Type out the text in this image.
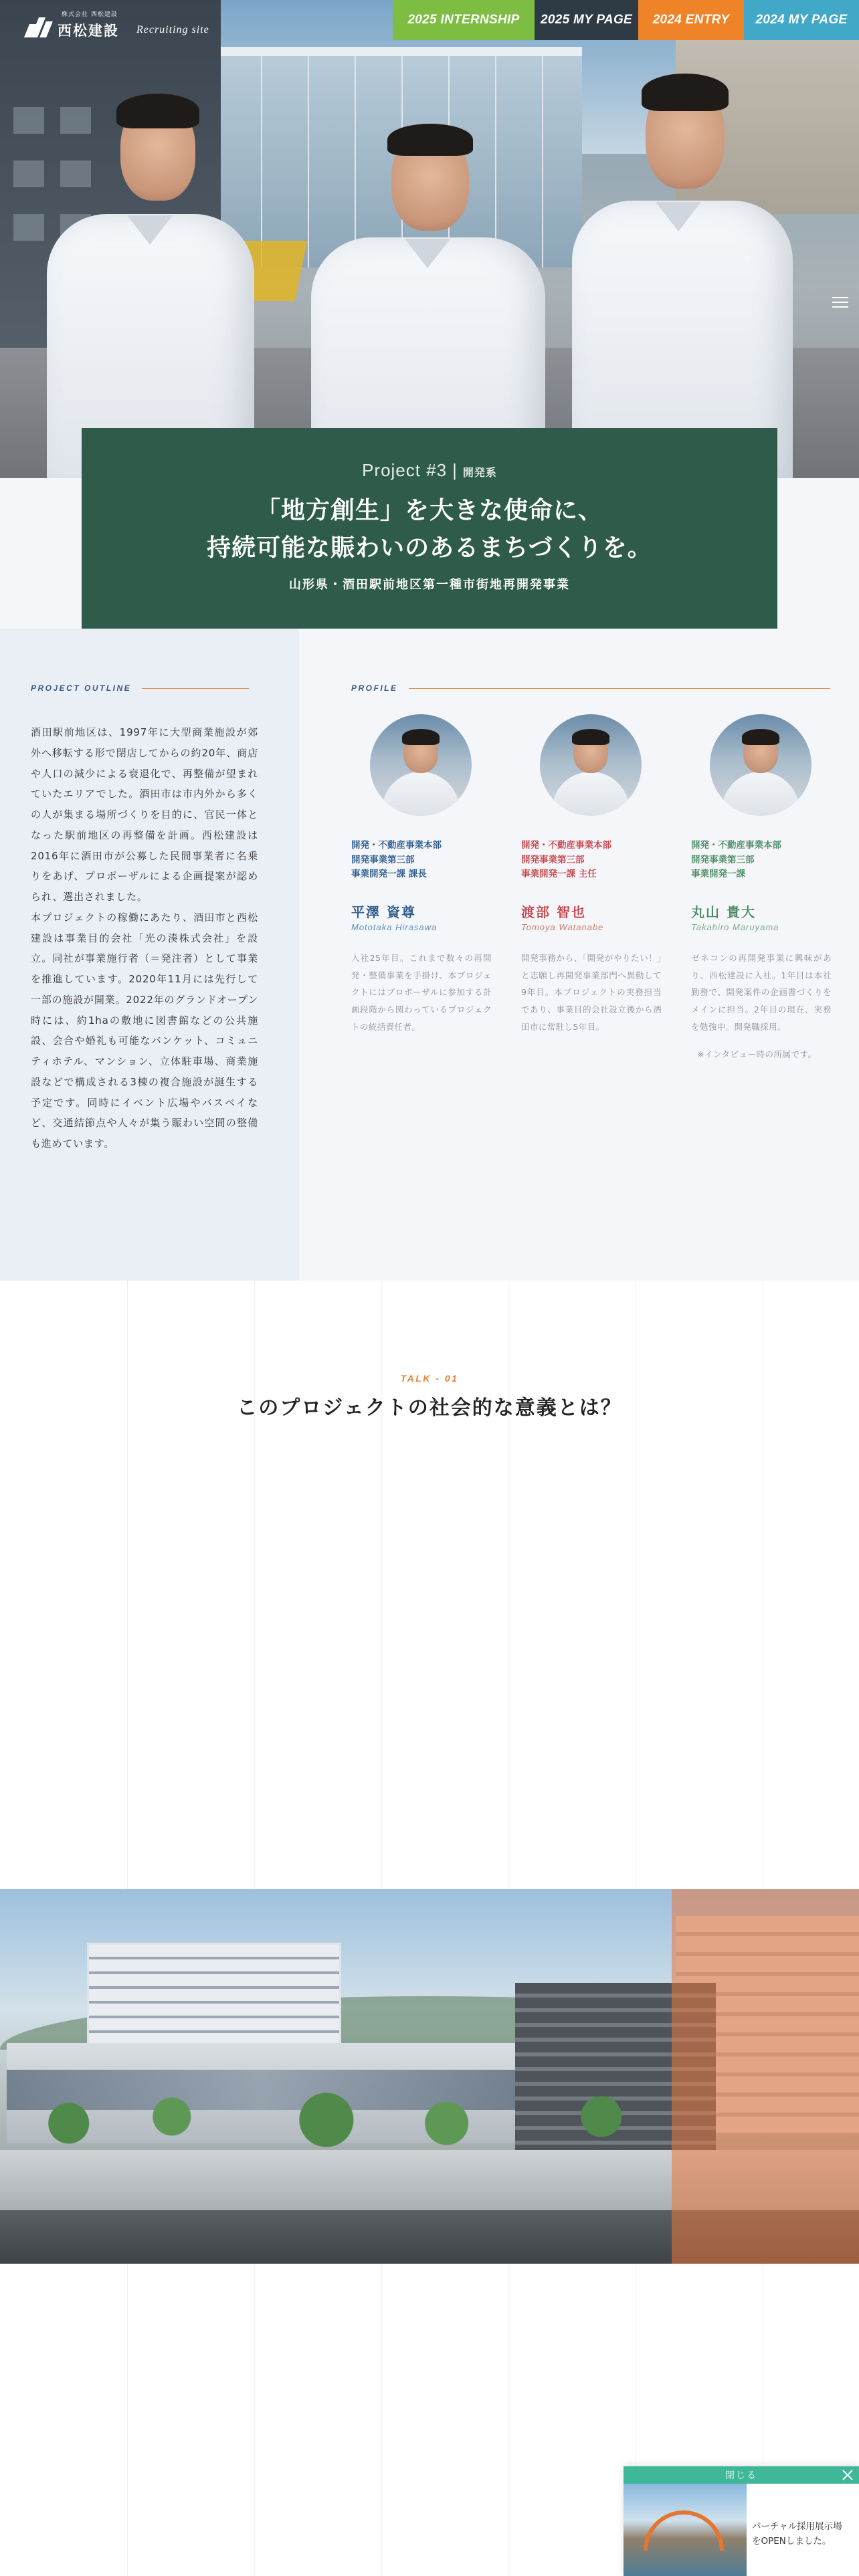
株式会社 西松建設
西松建設 Recruiting site
2025 INTERNSHIP	2025 MY PAGE	2024 ENTRY	2024 MY PAGE
Project #3 | 開発系
「地方創生」を大きな使命に、
持続可能な賑わいのあるまちづくりを。
山形県・酒田駅前地区第一種市街地再開発事業
PROJECT OUTLINE
酒田駅前地区は、1997年に大型商業施設が郊外へ移転する形で閉店してからの約20年、商店や人口の減少による衰退化で、再整備が望まれていたエリアでした。酒田市は市内外から多くの人が集まる場所づくりを目的に、官民一体となった駅前地区の再整備を計画。西松建設は2016年に酒田市が公募した民間事業者に名乗りをあげ、プロポーザルによる企画提案が認められ、選出されました。
本プロジェクトの稼働にあたり、酒田市と西松建設は事業目的会社「光の湊株式会社」を設立。同社が事業施行者（＝発注者）として事業を推進しています。2020年11月には先行して一部の施設が開業。2022年のグランドオープン時には、約1haの敷地に図書館などの公共施設、会合や婚礼も可能なバンケット、コミュニティホテル、マンション、立体駐車場、商業施設などで構成される3棟の複合施設が誕生する予定です。同時にイベント広場やバスベイなど、交通結節点や人々が集う賑わい空間の整備も進めています。
PROFILE
開発・不動産事業本部
開発事業第三部
事業開発一課 課長
平澤 資尊
Mototaka Hirasawa
入社25年目。これまで数々の再開発・整備事業を手掛け、本プロジェクトにはプロポーザルに参加する計画段階から関わっているプロジェクトの統括責任者。
開発・不動産事業本部
開発事業第三部
事業開発一課 主任
渡部 智也
Tomoya Watanabe
開発事務から、「開発がやりたい！」と志願し再開発事業部門へ異動して9年目。本プロジェクトの実務担当であり、事業目的会社設立後から酒田市に常駐し5年目。
開発・不動産事業本部
開発事業第三部
事業開発一課
丸山 貴大
Takahiro Maruyama
ゼネコンの再開発事業に興味があり、西松建設に入社。1年目は本社勤務で、開発案件の企画書づくりをメインに担当。2年目の現在、実務を勉強中。開発職採用。
※インタビュー時の所属です。
TALK - 01
このプロジェクトの社会的な意義とは？
閉じる
バーチャル採用展示場
をOPENしました。
